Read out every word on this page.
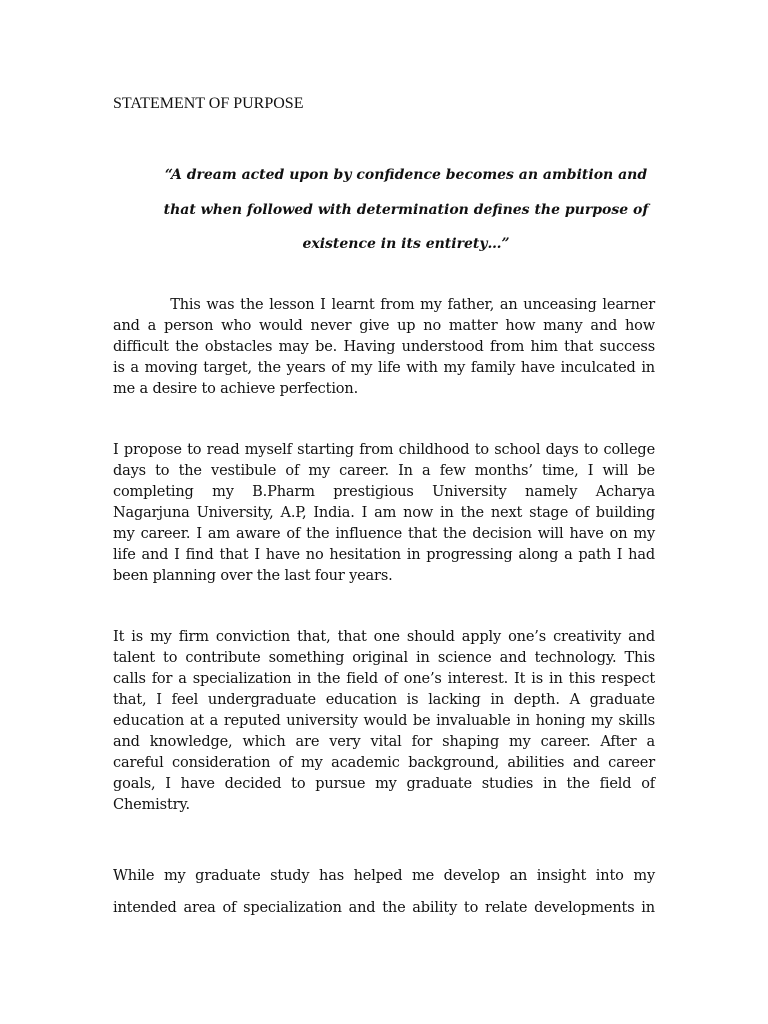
STATEMENT OF PURPOSE
“A dream acted upon by confidence becomes an ambition and
that when followed with determination defines the purpose of
existence in its entirety…”
This was the lesson I learnt from my father, an unceasing learner
and a person who would never give up no matter how many and how
difficult the obstacles may be. Having understood from him that success
is a moving target, the years of my life with my family have inculcated in
me a desire to achieve perfection.
I propose to read myself starting from childhood to school days to college
days to the vestibule of my career. In a few months’ time, I will be
completing my B.Pharm prestigious University namely Acharya
Nagarjuna University, A.P, India. I am now in the next stage of building
my career. I am aware of the influence that the decision will have on my
life and I find that I have no hesitation in progressing along a path I had
been planning over the last four years.
It is my firm conviction that, that one should apply one’s creativity and
talent to contribute something original in science and technology. This
calls for a specialization in the field of one’s interest. It is in this respect
that, I feel undergraduate education is lacking in depth. A graduate
education at a reputed university would be invaluable in honing my skills
and knowledge, which are very vital for shaping my career. After a
careful consideration of my academic background, abilities and career
goals, I have decided to pursue my graduate studies in the field of
Chemistry.
While my graduate study has helped me develop an insight into my
intended area of specialization and the ability to relate developments in
